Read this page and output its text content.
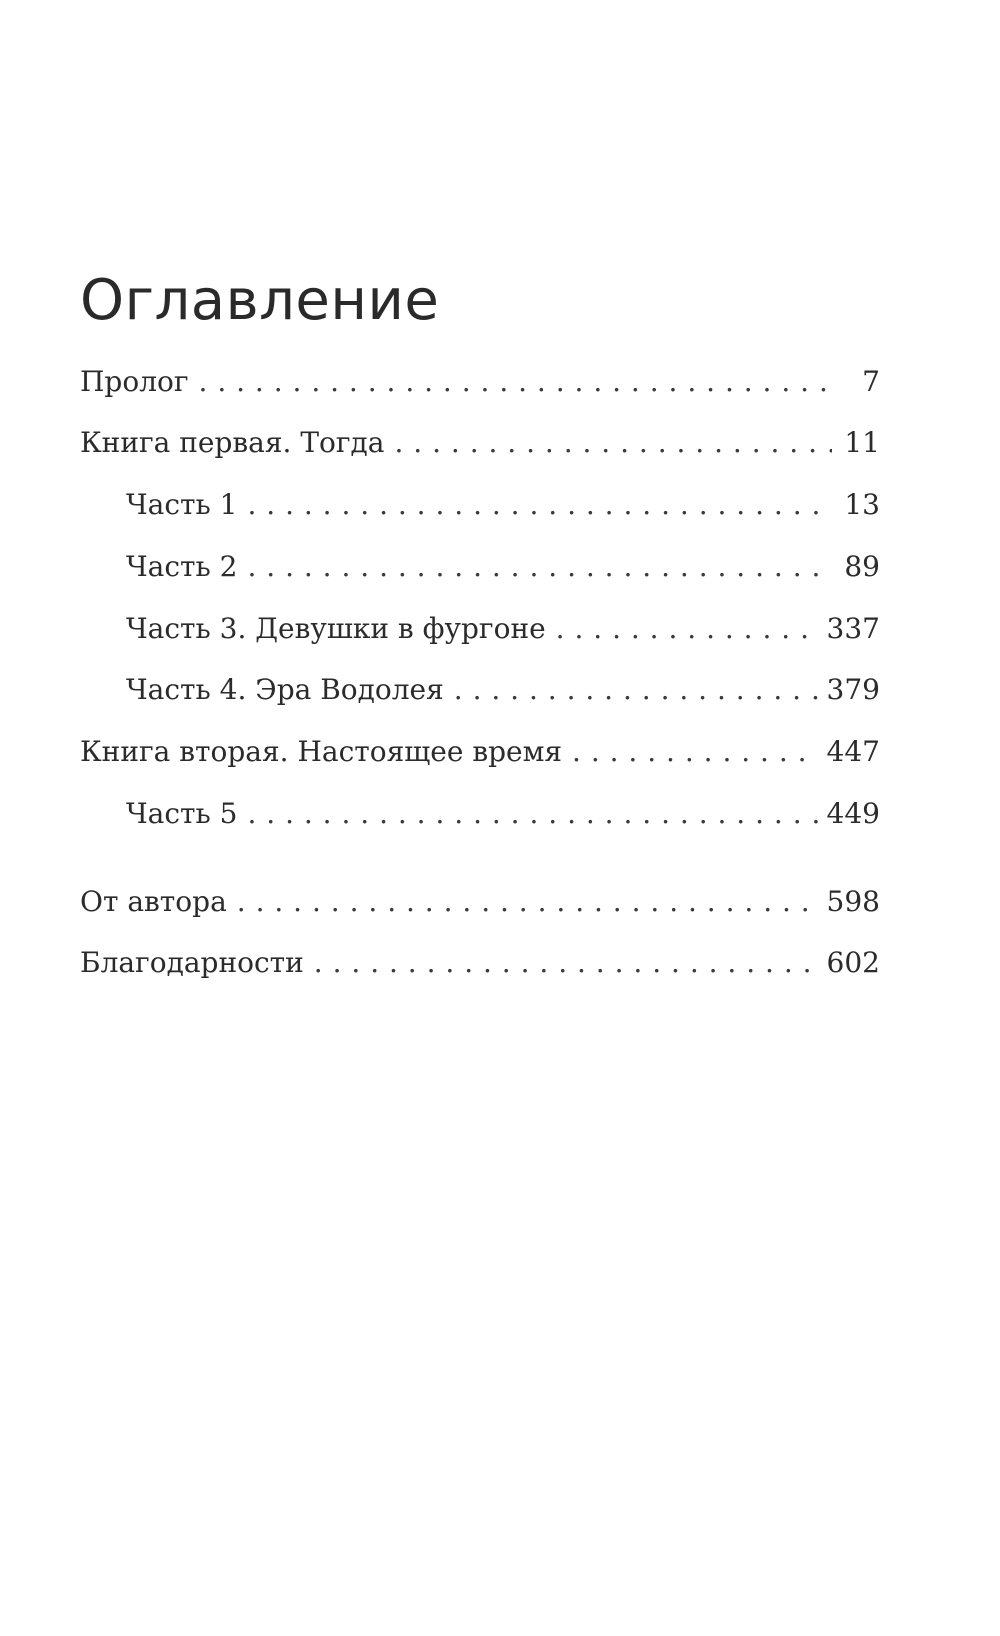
Оглавление
Пролог . . .	7
Книга первая. Тогда . . .	11
Часть 1 . . .	13
Часть 2 . . .	89
Часть 3. Девушки в фургоне . . .	337
Часть 4. Эра Водолея . . .	379
Книга вторая. Настоящее время . . .	447
Часть 5 . . .	449
От автора . . .	598
Благодарности . . .	602
